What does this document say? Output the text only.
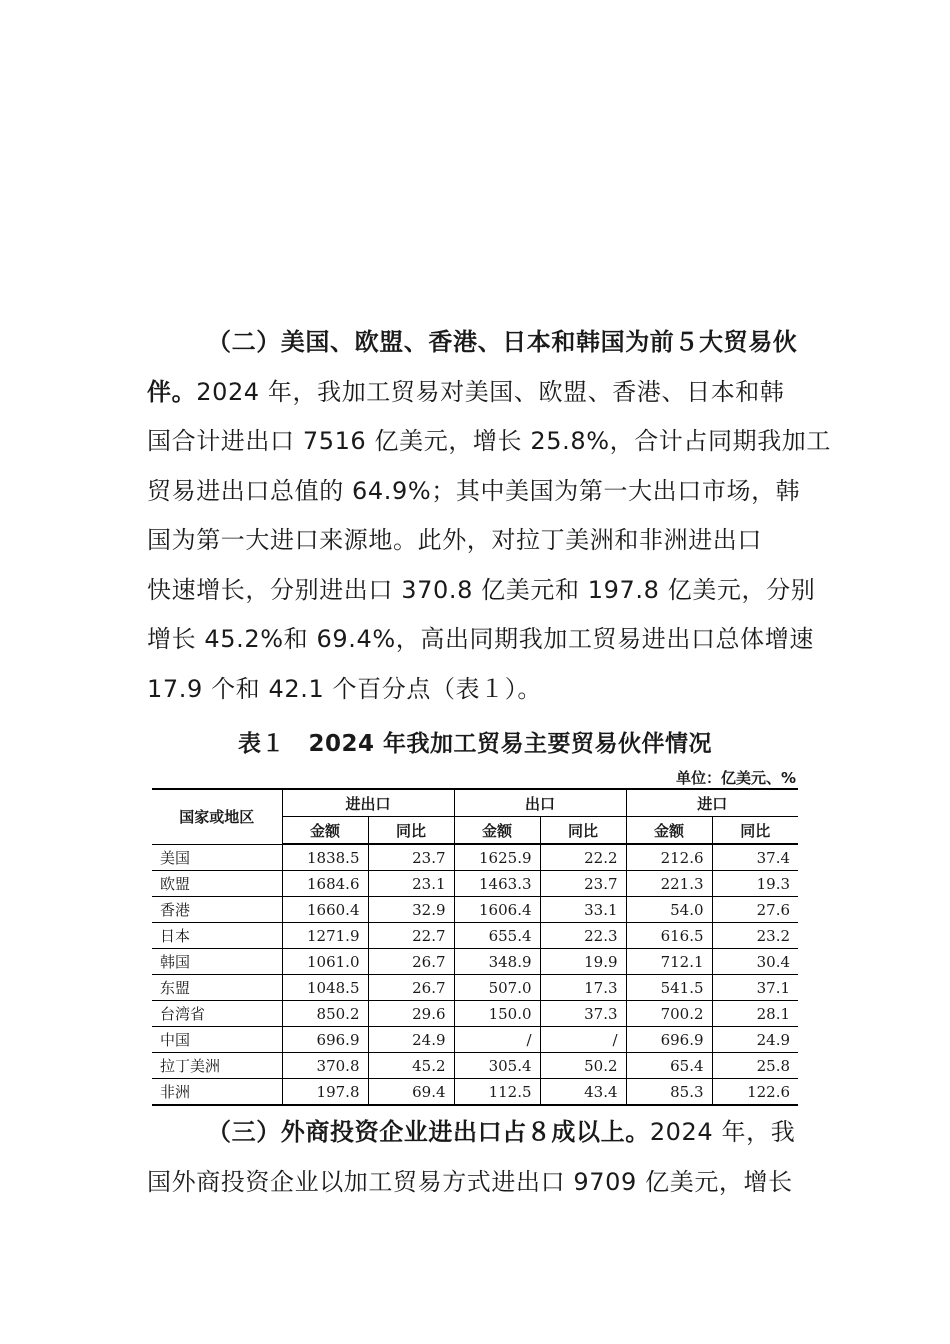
（二）美国、欧盟、香港、日本和韩国为前５大贸易伙
伴。2024 年，我加工贸易对美国、欧盟、香港、日本和韩
国合计进出口 7516 亿美元，增长 25.8%，合计占同期我加工
贸易进出口总值的 64.9%；其中美国为第一大出口市场，韩
国为第一大进口来源地。此外，对拉丁美洲和非洲进出口
快速增长，分别进出口 370.8 亿美元和 197.8 亿美元，分别
增长 45.2%和 69.4%，高出同期我加工贸易进出口总体增速
17.9 个和 42.1 个百分点（表１）。
表１　2024 年我加工贸易主要贸易伙伴情况
单位：亿美元、%
国家或地区	进出口		出口		进口	
	金额	同比	金额	同比	金额	同比
美国	1838.5	23.7	1625.9	22.2	212.6	37.4
欧盟	1684.6	23.1	1463.3	23.7	221.3	19.3
香港	1660.4	32.9	1606.4	33.1	54.0	27.6
日本	1271.9	22.7	655.4	22.3	616.5	23.2
韩国	1061.0	26.7	348.9	19.9	712.1	30.4
东盟	1048.5	26.7	507.0	17.3	541.5	37.1
台湾省	850.2	29.6	150.0	37.3	700.2	28.1
中国	696.9	24.9	/	/	696.9	24.9
拉丁美洲	370.8	45.2	305.4	50.2	65.4	25.8
非洲	197.8	69.4	112.5	43.4	85.3	122.6
（三）外商投资企业进出口占８成以上。2024 年，我
国外商投资企业以加工贸易方式进出口 9709 亿美元，增长
